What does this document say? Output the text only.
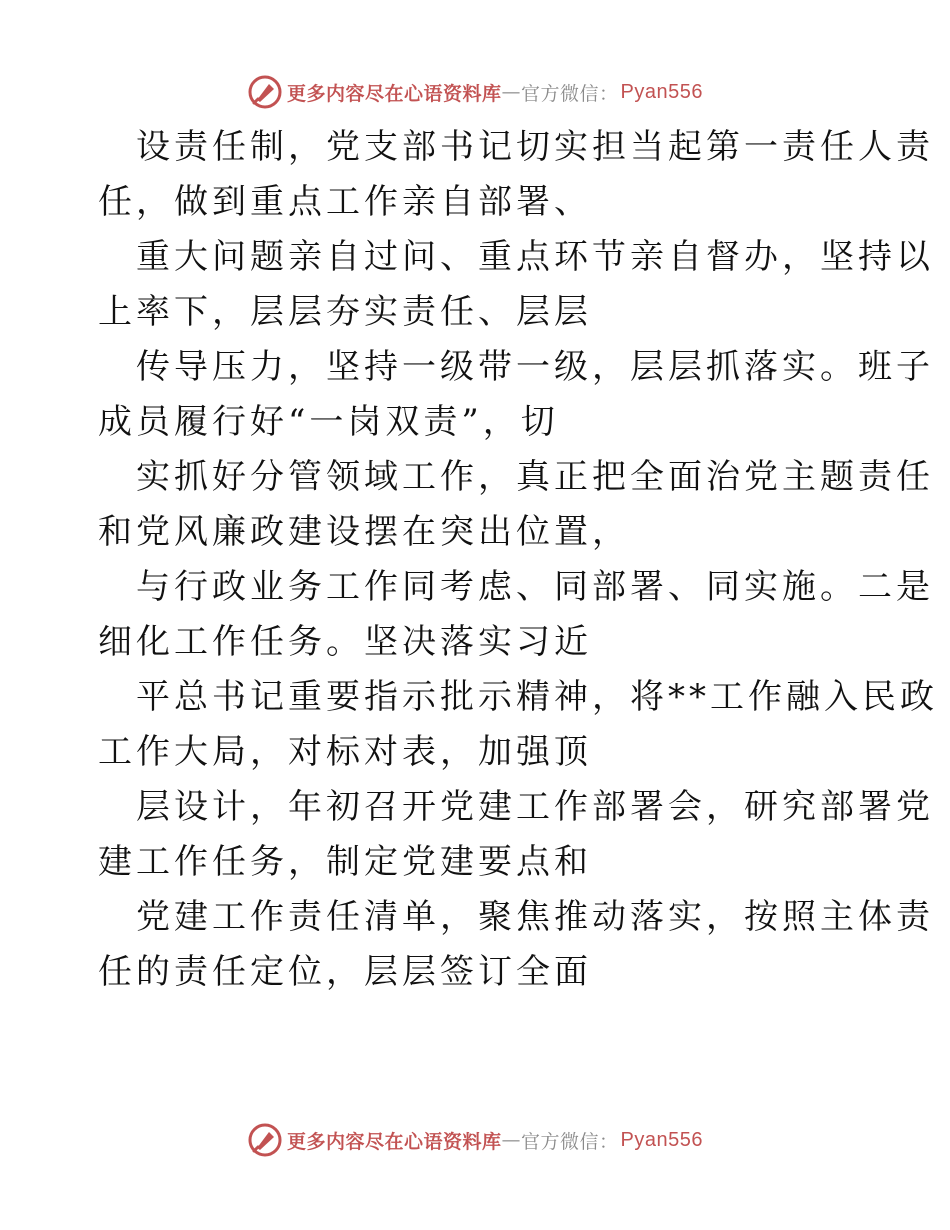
更多内容尽在心语资料库 — 官方微信： Pyan556

设责任制，党支部书记切实担当起第一责任人责

任，做到重点工作亲自部署、

重大问题亲自过问、重点环节亲自督办，坚持以

上率下，层层夯实责任、层层

传导压力，坚持一级带一级，层层抓落实。班子

成员履行好“一岗双责”，切

实抓好分管领域工作，真正把全面治党主题责任

和党风廉政建设摆在突出位置，

与行政业务工作同考虑、同部署、同实施。二是

细化工作任务。坚决落实习近

平总书记重要指示批示精神，将**工作融入民政

工作大局，对标对表，加强顶

层设计，年初召开党建工作部署会，研究部署党

建工作任务，制定党建要点和

党建工作责任清单，聚焦推动落实，按照主体责

任的责任定位，层层签订全面

更多内容尽在心语资料库 — 官方微信： Pyan556
